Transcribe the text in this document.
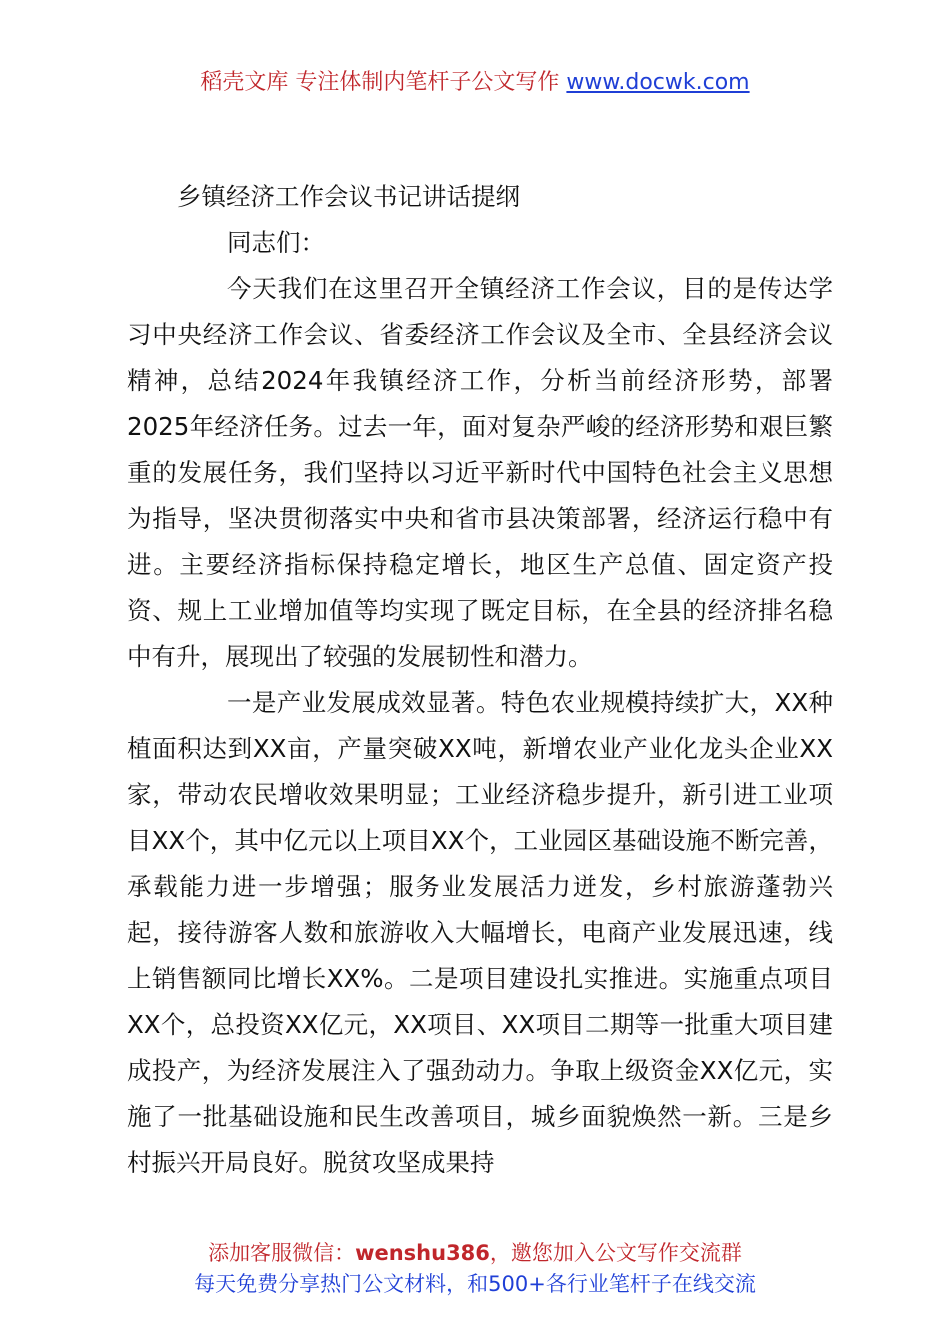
稻壳文库 专注体制内笔杆子公文写作 www.docwk.com
乡镇经济工作会议书记讲话提纲

同志们：

今天我们在这里召开全镇经济工作会议，目的是传达学习中央经济工作会议、省委经济工作会议及全市、全县经济会议精神，总结2024年我镇经济工作，分析当前经济形势，部署2025年经济任务。过去一年，面对复杂严峻的经济形势和艰巨繁重的发展任务，我们坚持以习近平新时代中国特色社会主义思想为指导，坚决贯彻落实中央和省市县决策部署，经济运行稳中有进。主要经济指标保持稳定增长，地区生产总值、固定资产投资、规上工业增加值等均实现了既定目标，在全县的经济排名稳中有升，展现出了较强的发展韧性和潜力。

一是产业发展成效显著。特色农业规模持续扩大，XX种植面积达到XX亩，产量突破XX吨，新增农业产业化龙头企业XX家，带动农民增收效果明显；工业经济稳步提升，新引进工业项目XX个，其中亿元以上项目XX个，工业园区基础设施不断完善，承载能力进一步增强；服务业发展活力迸发，乡村旅游蓬勃兴起，接待游客人数和旅游收入大幅增长，电商产业发展迅速，线上销售额同比增长XX%。二是项目建设扎实推进。实施重点项目XX个，总投资XX亿元，XX项目、XX项目二期等一批重大项目建成投产，为经济发展注入了强劲动力。争取上级资金XX亿元，实施了一批基础设施和民生改善项目，城乡面貌焕然一新。三是乡村振兴开局良好。脱贫攻坚成果持

添加客服微信：wenshu386，邀您加入公文写作交流群
每天免费分享热门公文材料，和500+各行业笔杆子在线交流
